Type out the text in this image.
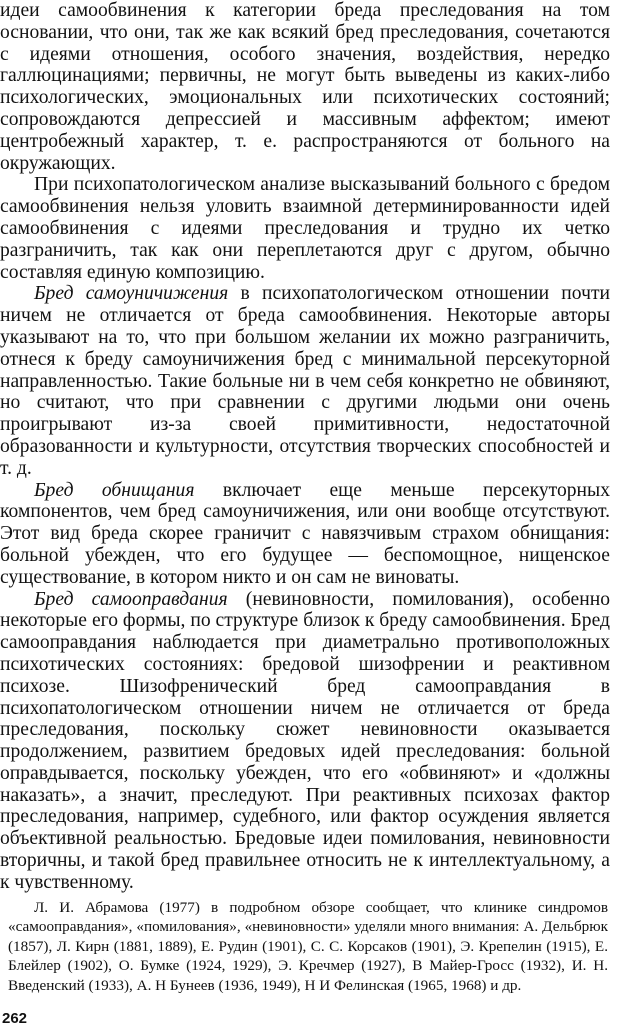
идеи самообвинения к категории бреда преследования на том основании, что они, так же как всякий бред преследования, сочетаются с идеями отношения, особого значения, воздействия, нередко галлюцинациями; первичны, не могут быть выведены из каких-либо психологических, эмоциональных или психотических состояний; сопровождаются депрессией и массивным аффектом; имеют центробежный характер, т. е. распространяются от больного на окружающих.

При психопатологическом анализе высказываний больного с бредом самообвинения нельзя уловить взаимной детерминированности идей самообвинения с идеями преследования и трудно их четко разграничить, так как они переплетаются друг с другом, обычно составляя единую композицию.

Бред самоуничижения в психопатологическом отношении почти ничем не отличается от бреда самообвинения. Некоторые авторы указывают на то, что при большом желании их можно разграничить, отнеся к бреду самоуничижения бред с минимальной персекуторной направленностью. Такие больные ни в чем себя конкретно не обвиняют, но считают, что при сравнении с другими людьми они очень проигрывают из-за своей примитивности, недостаточной образованности и культурности, отсутствия творческих способностей и т. д.

Бред обнищания включает еще меньше персекуторных компонентов, чем бред самоуничижения, или они вообще отсутствуют. Этот вид бреда скорее граничит с навязчивым страхом обнищания: больной убежден, что его будущее — беспомощное, нищенское существование, в котором никто и он сам не виноваты.

Бред самооправдания (невиновности, помилования), особенно некоторые его формы, по структуре близок к бреду самообвинения. Бред самооправдания наблюдается при диаметрально противоположных психотических состояниях: бредовой шизофрении и реактивном психозе. Шизофренический бред самооправдания в психопатологическом отношении ничем не отличается от бреда преследования, поскольку сюжет невиновности оказывается продолжением, развитием бредовых идей преследования: больной оправдывается, поскольку убежден, что его «обвиняют» и «должны наказать», а значит, преследуют. При реактивных психозах фактор преследования, например, судебного, или фактор осуждения является объективной реальностью. Бредовые идеи помилования, невиновности вторичны, и такой бред правильнее относить не к интеллектуальному, а к чувственному.

Л. И. Абрамова (1977) в подробном обзоре сообщает, что клинике синдромов «самооправдания», «помилования», «невиновности» уделяли много внимания: А. Дельбрюк (1857), Л. Кирн (1881, 1889), Е. Рудин (1901), С. С. Корсаков (1901), Э. Крепелин (1915), Е. Блейлер (1902), О. Бумке (1924, 1929), Э. Кречмер (1927), В Майер-Гросс (1932), И. Н. Введенский (1933), А. Н Бунеев (1936, 1949), Н И Фелинская (1965, 1968) и др.

262
